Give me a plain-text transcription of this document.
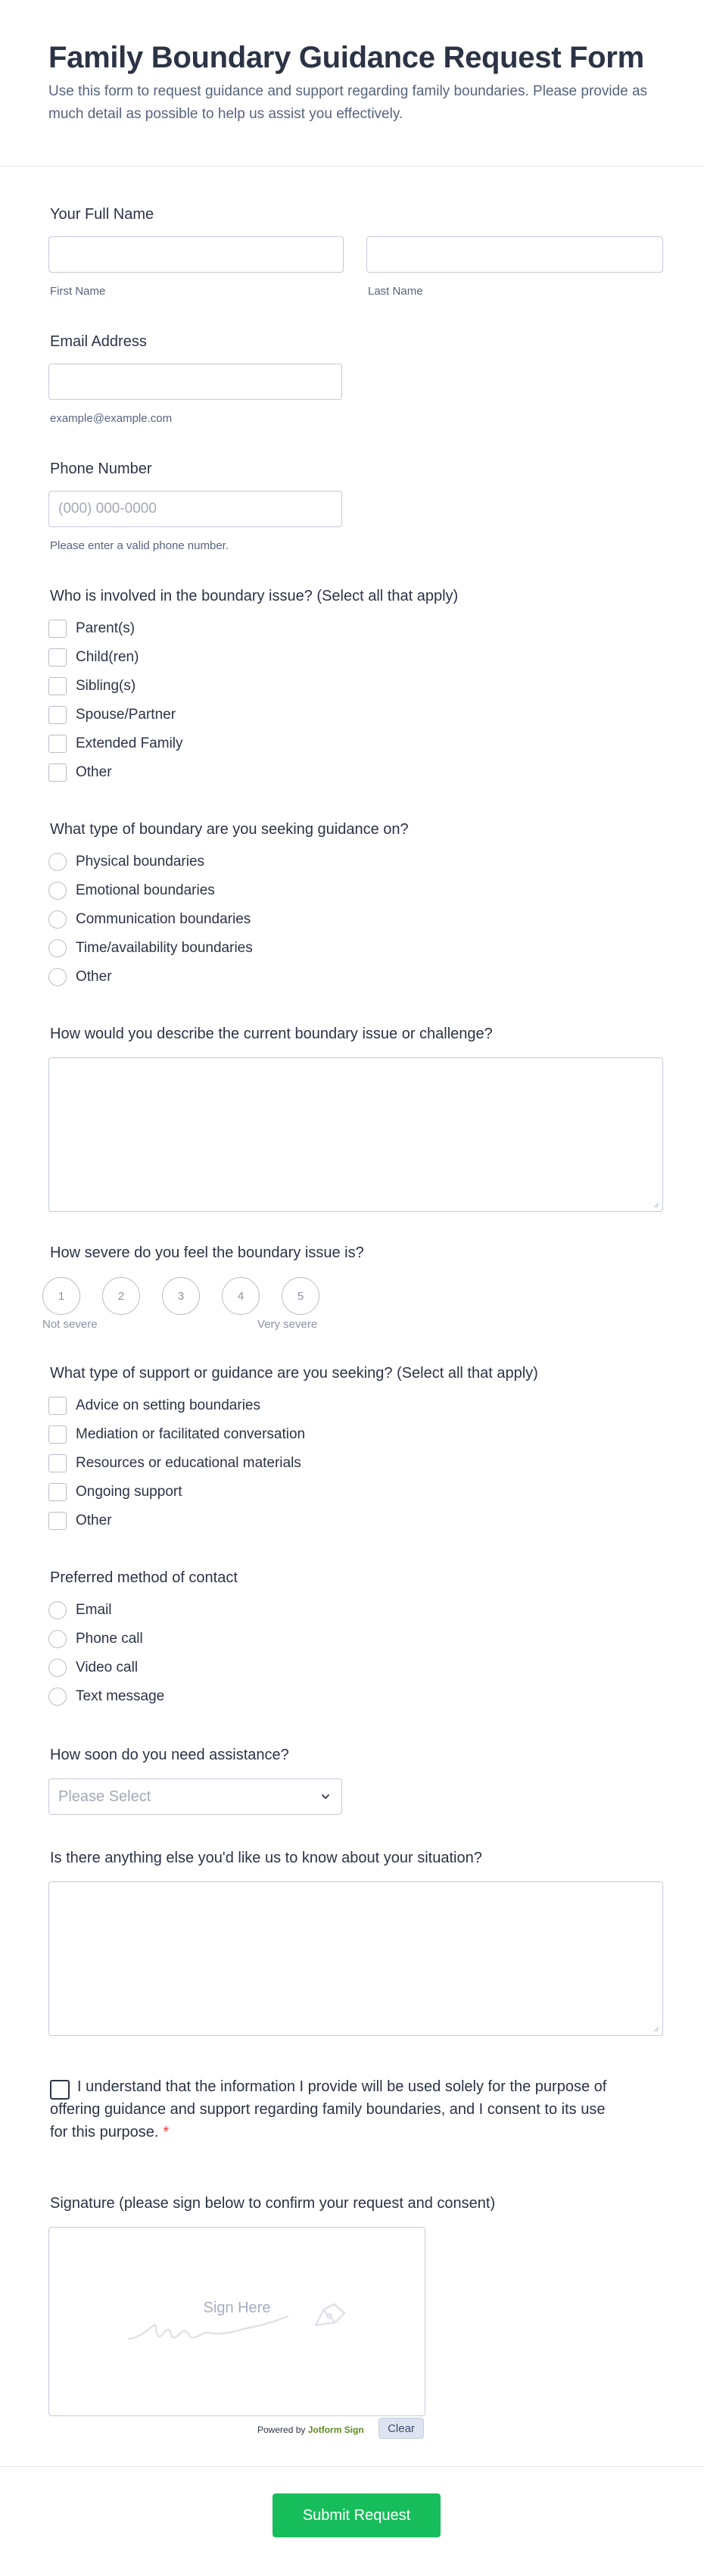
Family Boundary Guidance Request Form

Use this form to request guidance and support regarding family boundaries. Please provide as much detail as possible to help us assist you effectively.

Your Full Name
First Name	Last Name
Email Address
example@example.com
Phone Number
(000) 000-0000
Please enter a valid phone number.
Who is involved in the boundary issue? (Select all that apply)
Parent(s)
Child(ren)
Sibling(s)
Spouse/Partner
Extended Family
Other
What type of boundary are you seeking guidance on?
Physical boundaries
Emotional boundaries
Communication boundaries
Time/availability boundaries
Other
How would you describe the current boundary issue or challenge?
How severe do you feel the boundary issue is?
1	2	3	4	5
Not severe	Very severe
What type of support or guidance are you seeking? (Select all that apply)
Advice on setting boundaries
Mediation or facilitated conversation
Resources or educational materials
Ongoing support
Other
Preferred method of contact
Email
Phone call
Video call
Text message
How soon do you need assistance?
Please Select
Is there anything else you'd like us to know about your situation?
I understand that the information I provide will be used solely for the purpose of offering guidance and support regarding family boundaries, and I consent to its use for this purpose. *
Signature (please sign below to confirm your request and consent)
Sign Here
Powered by Jotform Sign	Clear
Submit Request
